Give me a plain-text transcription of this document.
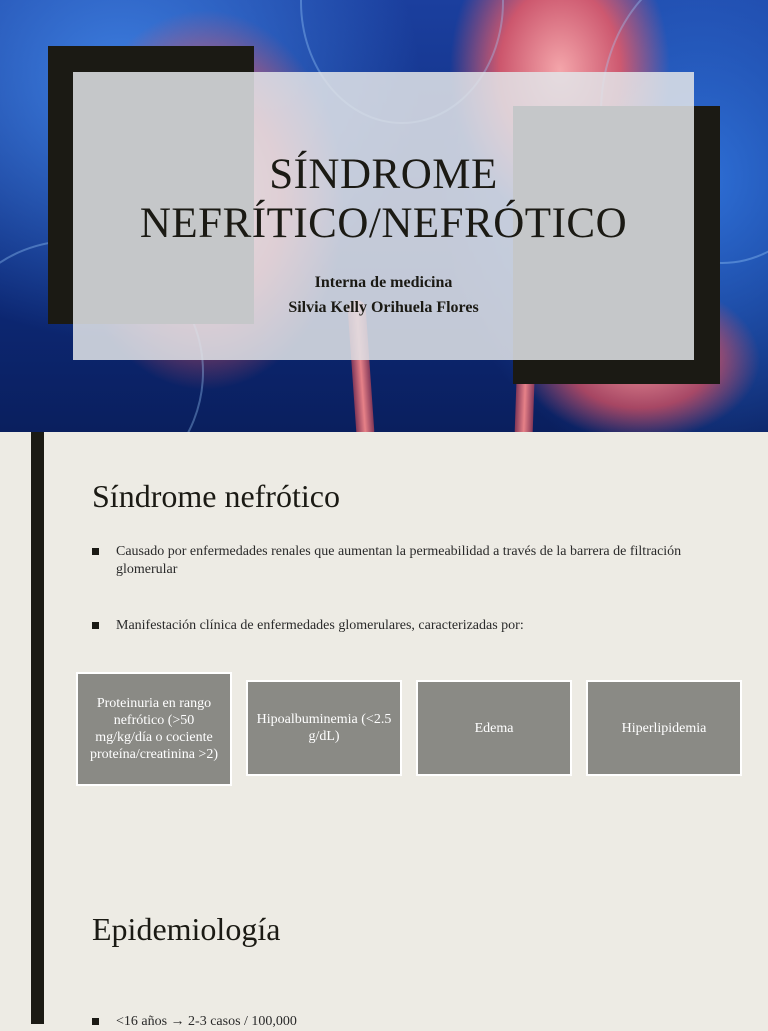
SÍNDROME
NEFRÍTICO/NEFRÓTICO
Interna de medicina
Silvia Kelly Orihuela Flores
Síndrome nefrótico
Causado por enfermedades renales que aumentan la permeabilidad a través de la barrera de filtración glomerular
Manifestación clínica de enfermedades glomerulares, caracterizadas por:
Proteinuria en rango nefrótico (>50 mg/kg/día o cociente proteína/creatinina >2)
Hipoalbuminemia (<2.5 g/dL)
Edema	Hiperlipidemia
Epidemiología
<16 años → 2-3 casos / 100,000
